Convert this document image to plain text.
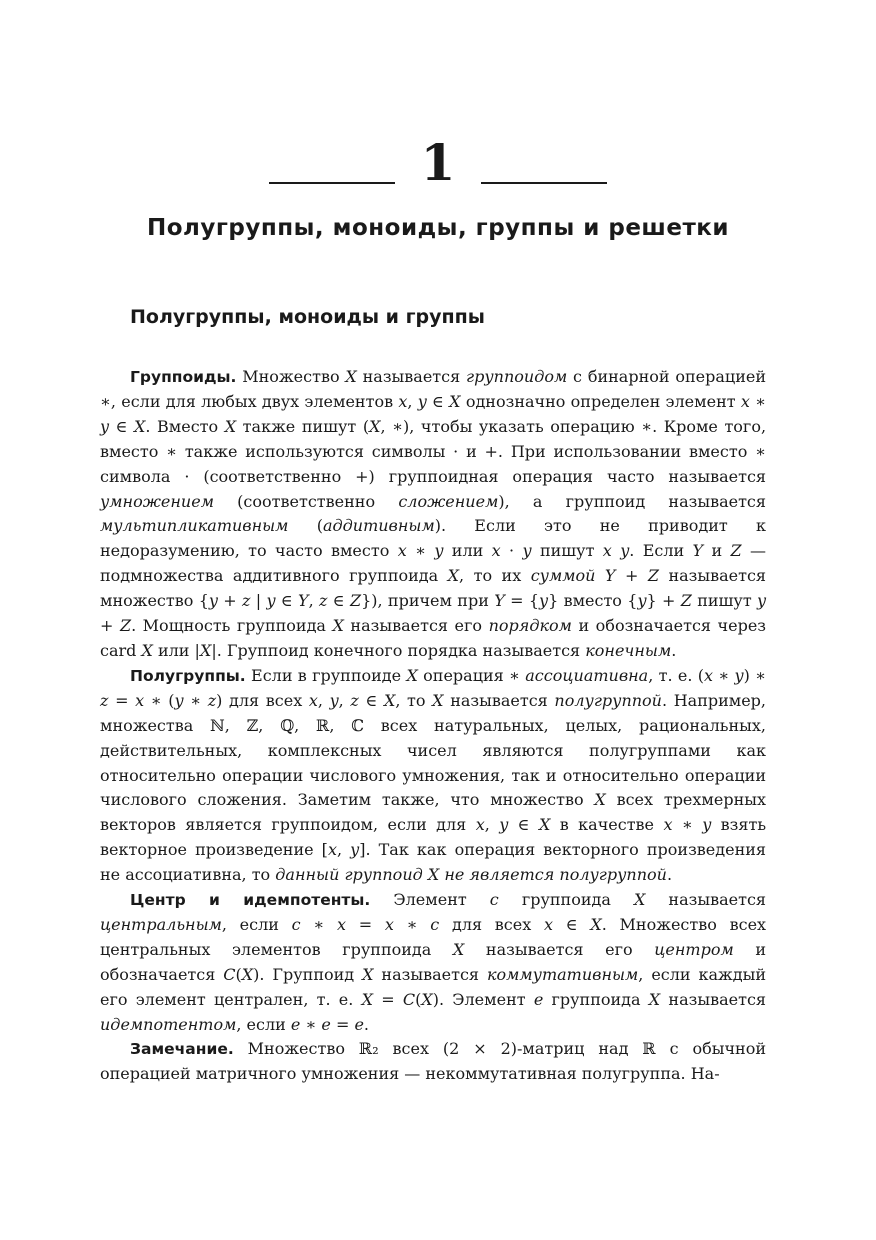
1
Полугруппы, моноиды, группы и решетки
Полугруппы, моноиды и группы

Группоиды. Множество X называется группоидом с бинарной операцией ∗, если для любых двух элементов x, y ∈ X однозначно определен элемент x ∗ y ∈ X. Вместо X также пишут (X, ∗), чтобы указать операцию ∗. Кроме того, вместо ∗ также используются символы · и +. При использовании вместо ∗ символа · (соответственно +) группоидная операция часто называется умножением (соответственно сложением), а группоид называется мультипликативным (аддитивным). Если это не приводит к недоразумению, то часто вместо x ∗ y или x · y пишут x y. Если Y и Z — подмножества аддитивного группоида X, то их суммой Y + Z называется множество {y + z | y ∈ Y, z ∈ Z}), причем при Y = {y} вместо {y} + Z пишут y + Z. Мощность группоида X называется его порядком и обозначается через card X или |X|. Группоид конечного порядка называется конечным.

Полугруппы. Если в группоиде X операция ∗ ассоциативна, т. е. (x ∗ y) ∗ z = x ∗ (y ∗ z) для всех x, y, z ∈ X, то X называется полугруппой. Например, множества ℕ, ℤ, ℚ, ℝ, ℂ всех натуральных, целых, рациональных, действительных, комплексных чисел являются полугруппами как относительно операции числового умножения, так и относительно операции числового сложения. Заметим также, что множество X всех трехмерных векторов является группоидом, если для x, y ∈ X в качестве x ∗ y взять векторное произведение [x, y]. Так как операция векторного произведения не ассоциативна, то данный группоид X не является полугруппой.

Центр и идемпотенты. Элемент c группоида X называется центральным, если c ∗ x = x ∗ c для всех x ∈ X. Множество всех центральных элементов группоида X называется его центром и обозначается C(X). Группоид X называется коммутативным, если каждый его элемент централен, т. е. X = C(X). Элемент e группоида X называется идемпотентом, если e ∗ e = e.

Замечание. Множество ℝ₂ всех (2 × 2)-матриц над ℝ с обычной операцией матричного умножения — некоммутативная полугруппа. На-
